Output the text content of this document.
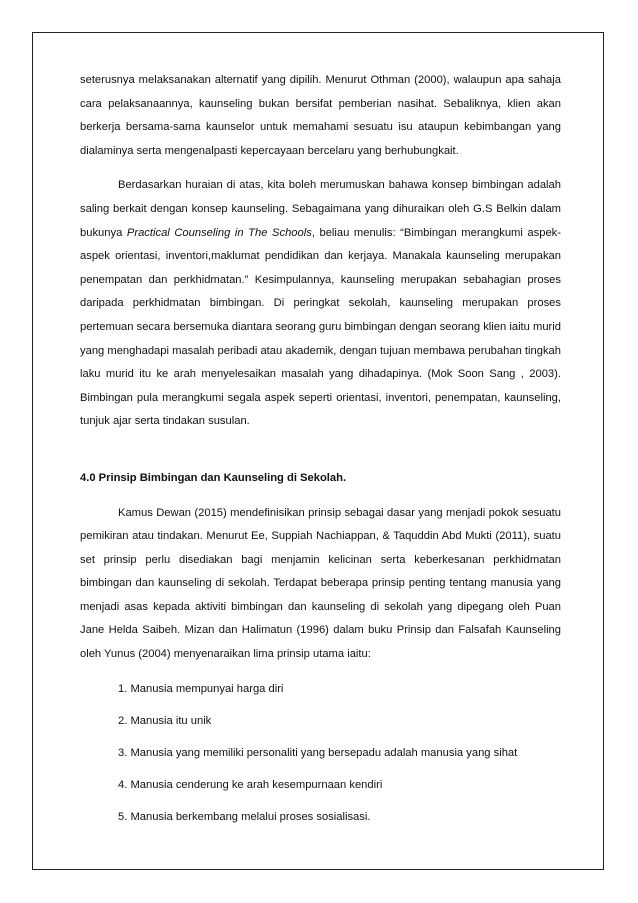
seterusnya melaksanakan alternatif yang dipilih. Menurut Othman (2000), walaupun apa sahaja cara pelaksanaannya, kaunseling bukan bersifat pemberian nasihat. Sebaliknya, klien akan berkerja bersama-sama kaunselor untuk memahami sesuatu isu ataupun kebimbangan yang dialaminya serta mengenalpasti kepercayaan bercelaru yang berhubungkait.

Berdasarkan huraian di atas, kita boleh merumuskan bahawa konsep bimbingan adalah saling berkait dengan konsep kaunseling. Sebagaimana yang dihuraikan oleh G.S Belkin dalam bukunya Practical Counseling in The Schools, beliau menulis: “Bimbingan merangkumi aspek-aspek orientasi, inventori,maklumat pendidikan dan kerjaya. Manakala kaunseling merupakan penempatan dan perkhidmatan.” Kesimpulannya, kaunseling merupakan sebahagian proses daripada perkhidmatan bimbingan. Di peringkat sekolah, kaunseling merupakan proses pertemuan secara bersemuka diantara seorang guru bimbingan dengan seorang klien iaitu murid yang menghadapi masalah peribadi atau akademik, dengan tujuan membawa perubahan tingkah laku murid itu ke arah menyelesaikan masalah yang dihadapinya. (Mok Soon Sang , 2003). Bimbingan pula merangkumi segala aspek seperti orientasi, inventori, penempatan, kaunseling, tunjuk ajar serta tindakan susulan.

4.0 Prinsip Bimbingan dan Kaunseling di Sekolah.

Kamus Dewan (2015) mendefinisikan prinsip sebagai dasar yang menjadi pokok sesuatu pemikiran atau tindakan. Menurut Ee, Suppiah Nachiappan, & Taquddin Abd Mukti (2011), suatu set prinsip perlu disediakan bagi menjamin kelicinan serta keberkesanan perkhidmatan bimbingan dan kaunseling di sekolah. Terdapat beberapa prinsip penting tentang manusia yang menjadi asas kepada aktiviti bimbingan dan kaunseling di sekolah yang dipegang oleh Puan Jane Helda Saibeh. Mizan dan Halimatun (1996) dalam buku Prinsip dan Falsafah Kaunseling oleh Yunus (2004) menyenaraikan lima prinsip utama iaitu:

1. Manusia mempunyai harga diri
2. Manusia itu unik
3. Manusia yang memiliki personaliti yang bersepadu adalah manusia yang sihat
4. Manusia cenderung ke arah kesempurnaan kendiri
5. Manusia berkembang melalui proses sosialisasi.
